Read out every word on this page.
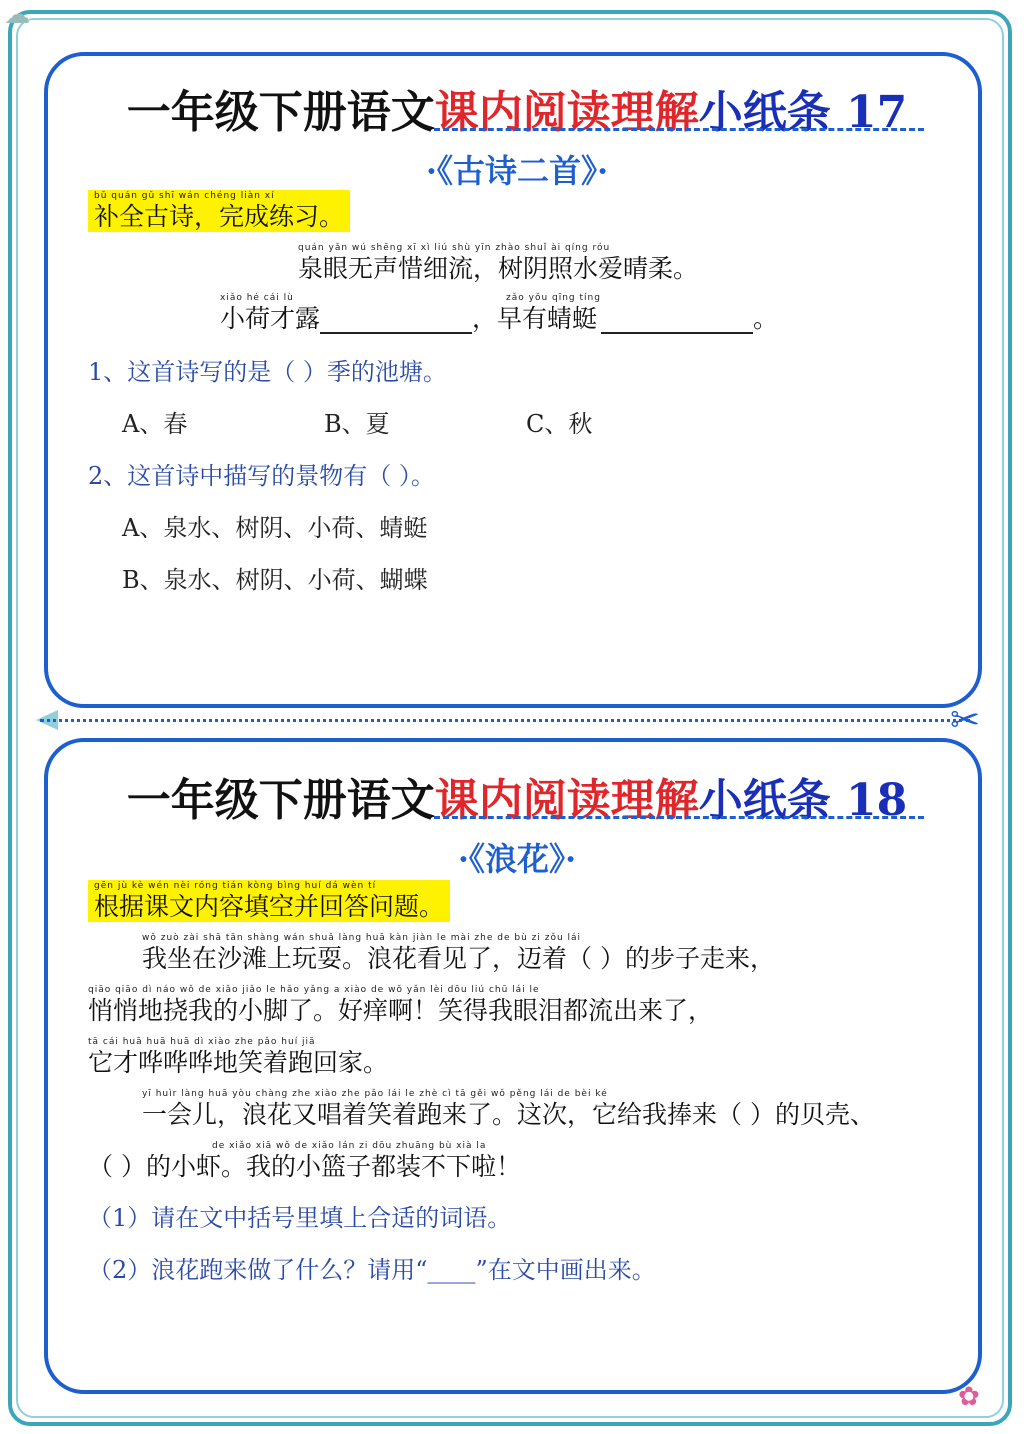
☁
一年级下册语文课内阅读理解小纸条 17
·《古诗二首》·
bǔ quán gǔ shī wán chéng liàn xí
补全古诗，完成练习。
quán yǎn wú shēng xī xì liú shù yīn zhào shuǐ ài qíng róu
泉眼无声惜细流，树阴照水爱晴柔。
xiǎo hé cái lù
小荷才露
zǎo yǒu qīng tíng
，早有蜻蜓	。
1、这首诗写的是（ ）季的池塘。
A、春	B、夏	C、秋
2、这首诗中描写的景物有（ ）。
A、泉水、树阴、小荷、蜻蜓
B、泉水、树阴、小荷、蝴蝶
✂
一年级下册语文课内阅读理解小纸条 18
·《浪花》·
gēn jù kè wén nèi róng tián kòng bìng huí dá wèn tí
根据课文内容填空并回答问题。
wǒ zuò zài shā tān shàng wán shuǎ làng huā kàn jiàn le mài zhe de bù zi zǒu lái
我坐在沙滩上玩耍。浪花看见了，迈着（ ）的步子走来，
qiāo qiāo dì náo wǒ de xiǎo jiǎo le hǎo yǎng a xiào de wǒ yǎn lèi dōu liú chū lái le
悄悄地挠我的小脚了。好痒啊！笑得我眼泪都流出来了，
tā cái huā huā huā dì xiào zhe pǎo huí jiā
它才哗哗哗地笑着跑回家。
yī huìr làng huā yòu chàng zhe xiào zhe pǎo lái le zhè cì tā gěi wǒ pěng lái de bèi ké
一会儿，浪花又唱着笑着跑来了。这次，它给我捧来（ ）的贝壳、
de xiǎo xiā wǒ de xiǎo lán zi dōu zhuāng bù xià la
（ ）的小虾。我的小篮子都装不下啦！
（1）请在文中括号里填上合适的词语。
（2）浪花跑来做了什么？请用“____”在文中画出来。
✿
